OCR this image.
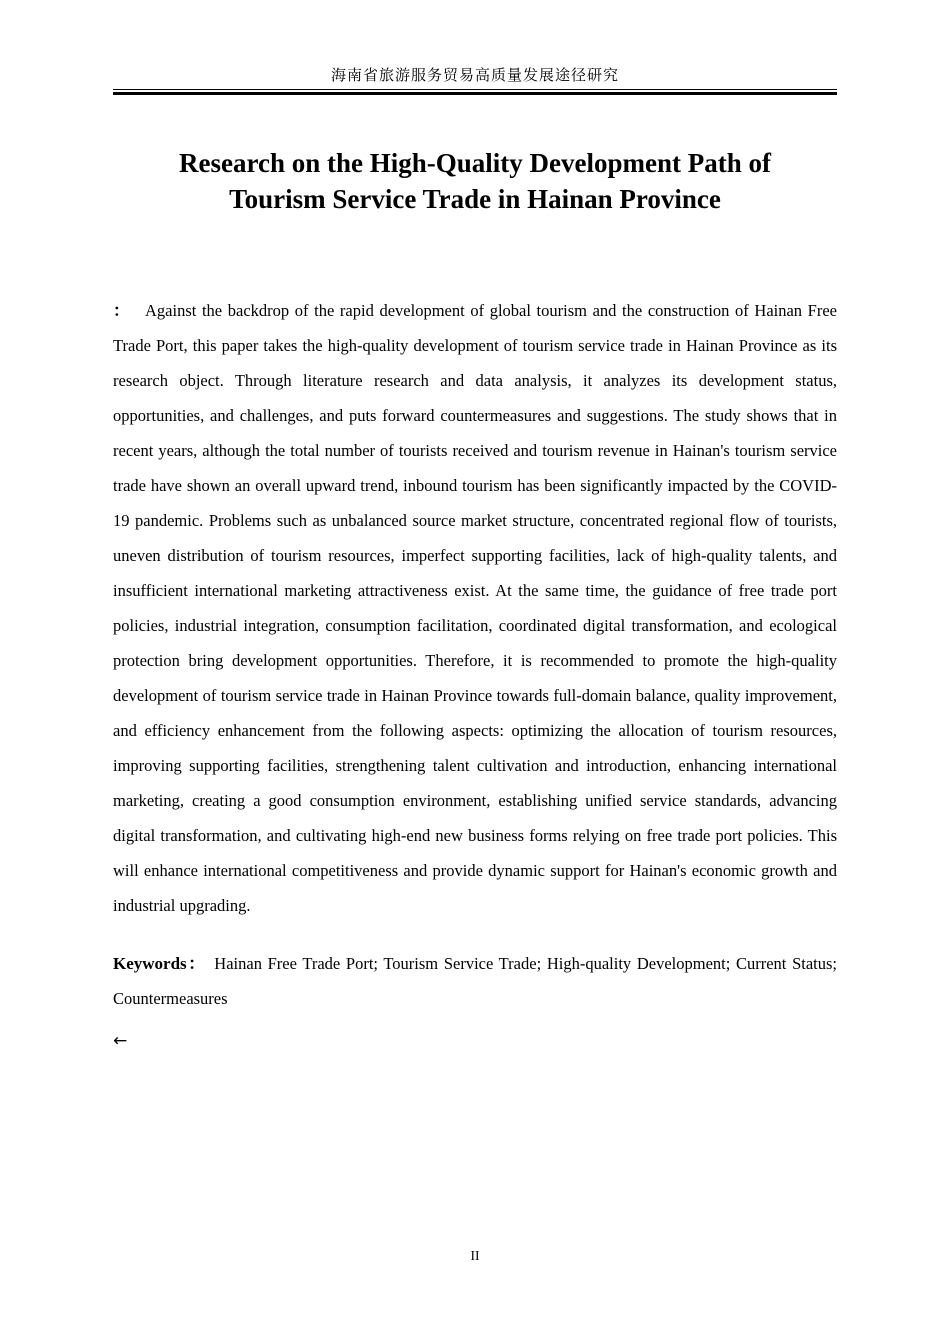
海南省旅游服务贸易高质量发展途径研究
Research on the High-Quality Development Path of
Tourism Service Trade in Hainan Province

： Against the backdrop of the rapid development of global tourism and the construction of Hainan Free Trade Port, this paper takes the high-quality development of tourism service trade in Hainan Province as its research object. Through literature research and data analysis, it analyzes its development status, opportunities, and challenges, and puts forward countermeasures and suggestions. The study shows that in recent years, although the total number of tourists received and tourism revenue in Hainan's tourism service trade have shown an overall upward trend, inbound tourism has been significantly impacted by the COVID-19 pandemic. Problems such as unbalanced source market structure, concentrated regional flow of tourists, uneven distribution of tourism resources, imperfect supporting facilities, lack of high-quality talents, and insufficient international marketing attractiveness exist. At the same time, the guidance of free trade port policies, industrial integration, consumption facilitation, coordinated digital transformation, and ecological protection bring development opportunities. Therefore, it is recommended to promote the high-quality development of tourism service trade in Hainan Province towards full-domain balance, quality improvement, and efficiency enhancement from the following aspects: optimizing the allocation of tourism resources, improving supporting facilities, strengthening talent cultivation and introduction, enhancing international marketing, creating a good consumption environment, establishing unified service standards, advancing digital transformation, and cultivating high-end new business forms relying on free trade port policies. This will enhance international competitiveness and provide dynamic support for Hainan's economic growth and industrial upgrading.

Keywords： Hainan Free Trade Port; Tourism Service Trade; High-quality Development; Current Status; Countermeasures

←
II
